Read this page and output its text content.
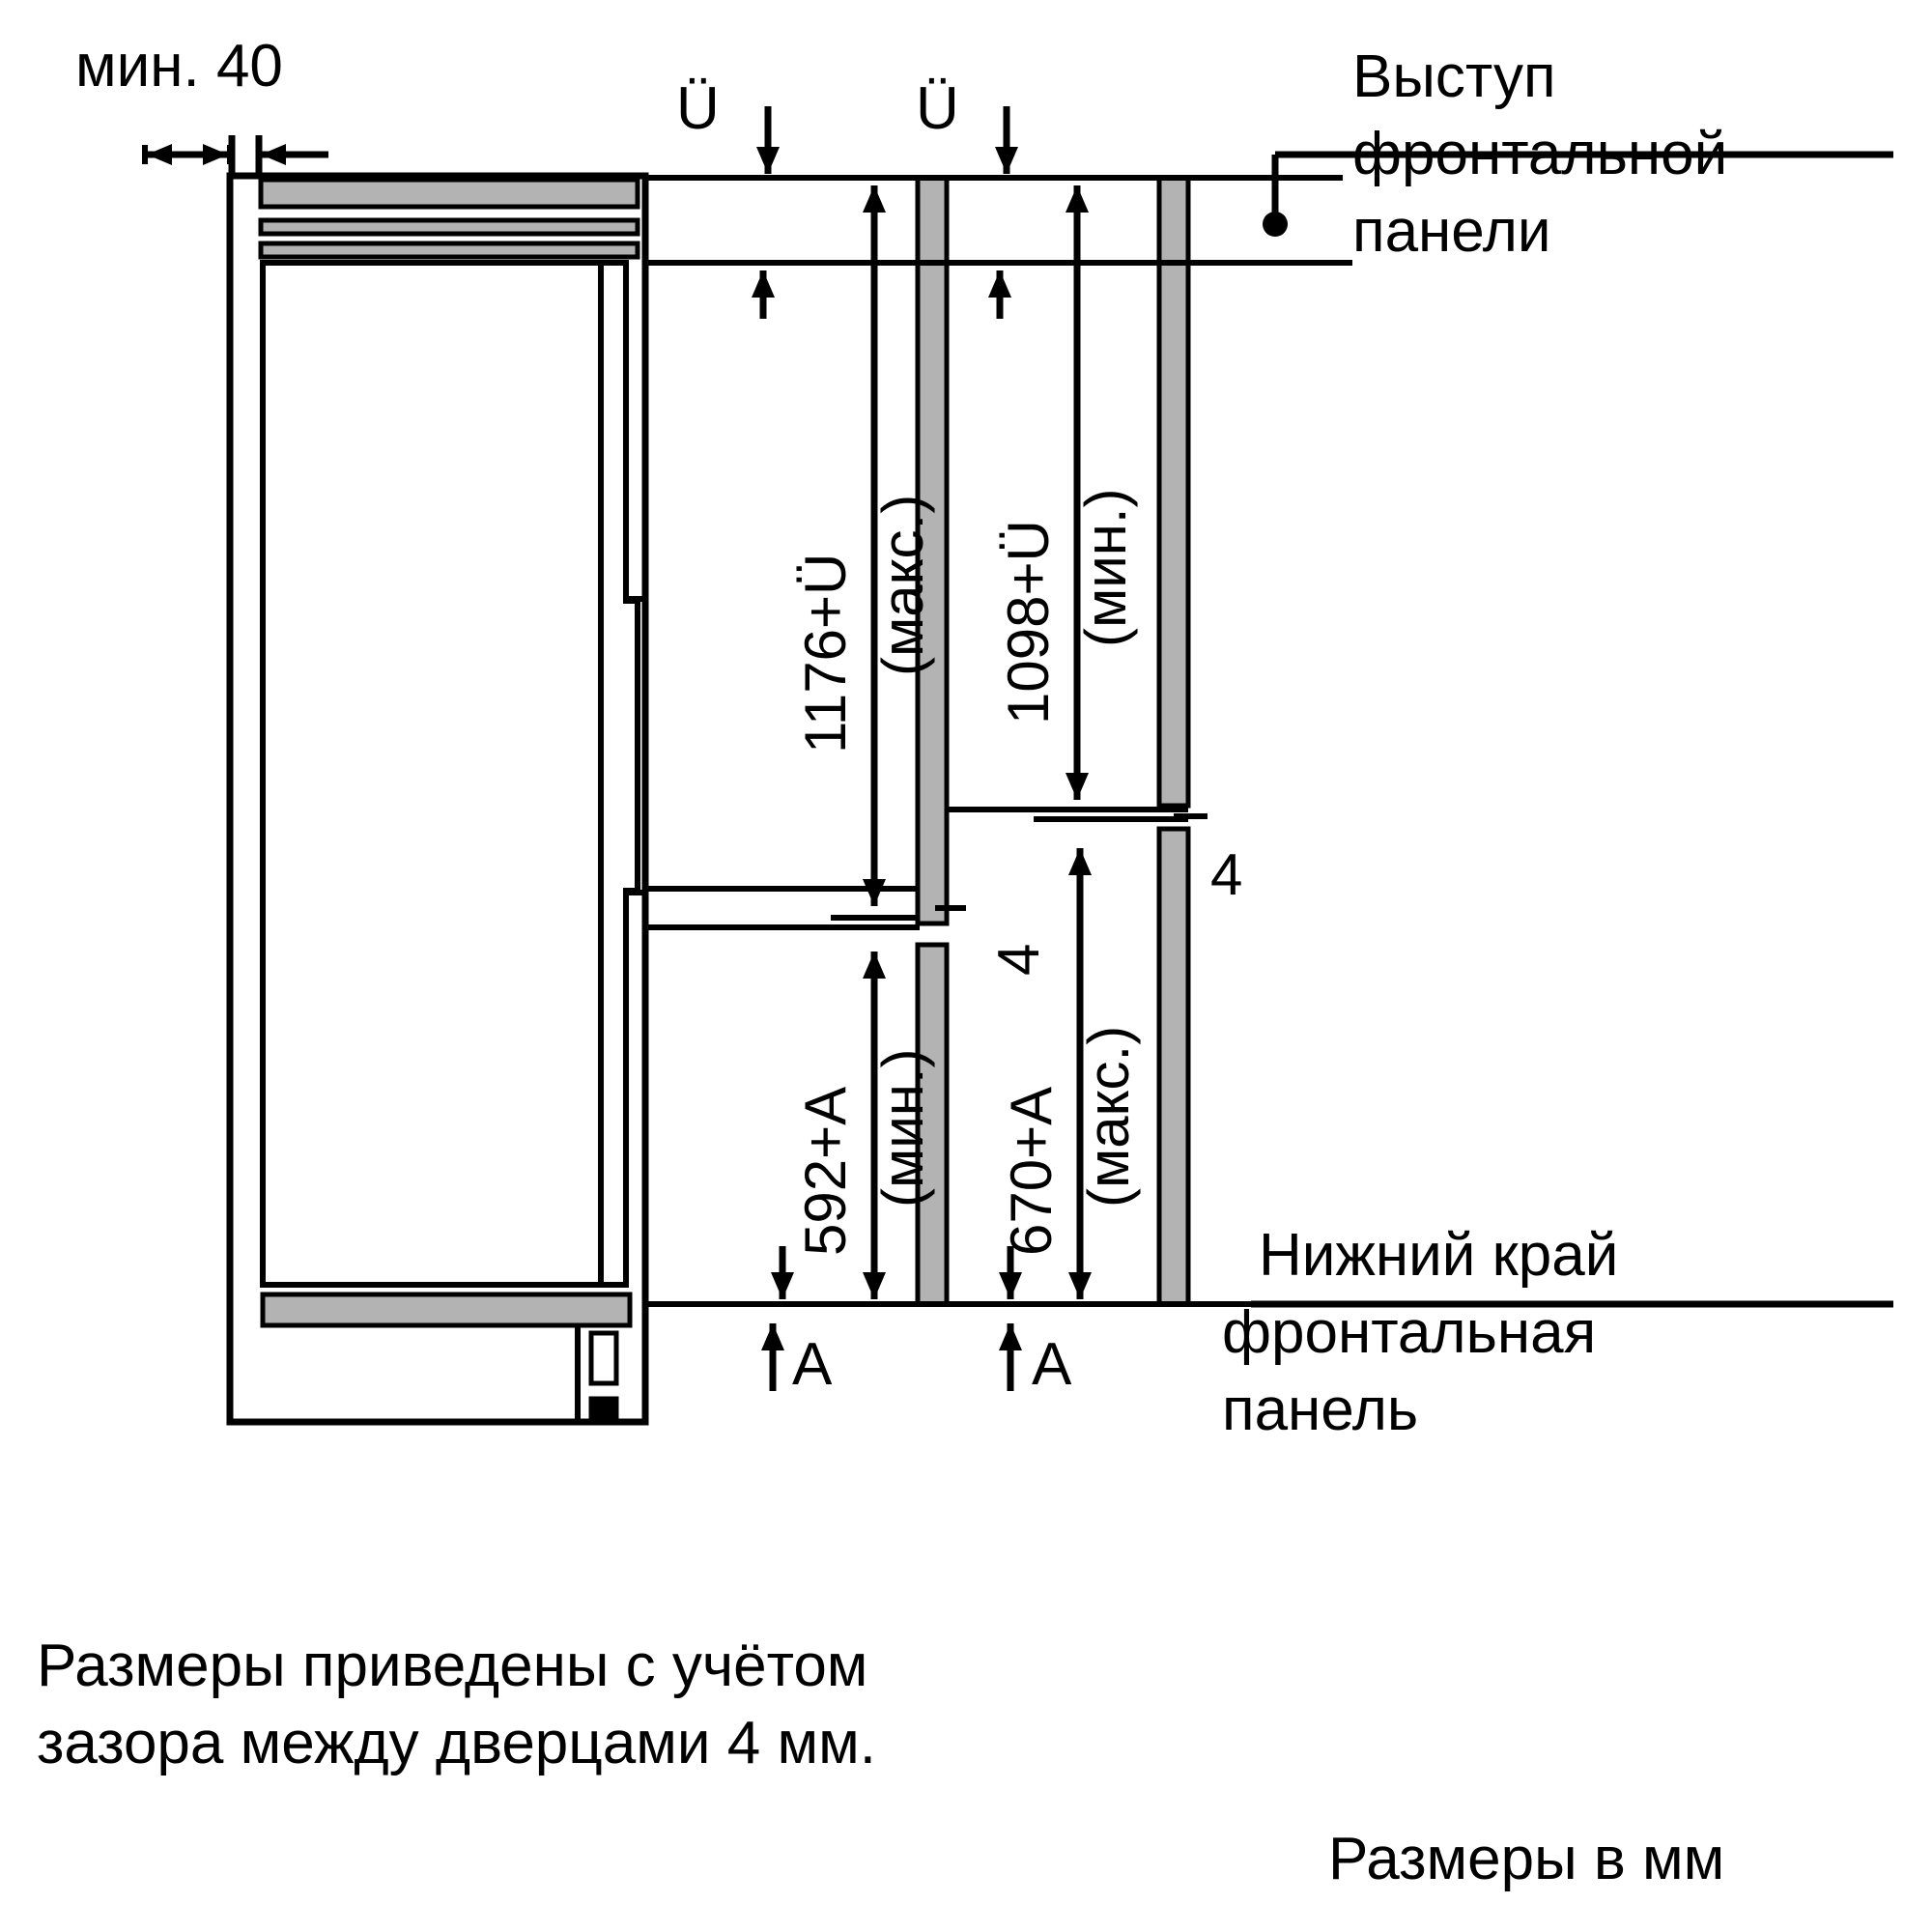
мин. 40
Ü	Ü
1176+Ü (макс.) 1098+Ü (мин.)
592+A (мин.) 670+A (макс.)
4
4
A	A
Выступ
фронтальной
панели
Нижний край
фронтальная
панель
Размеры приведены с учётом
зазора между дверцами 4 мм.
Размеры в мм
